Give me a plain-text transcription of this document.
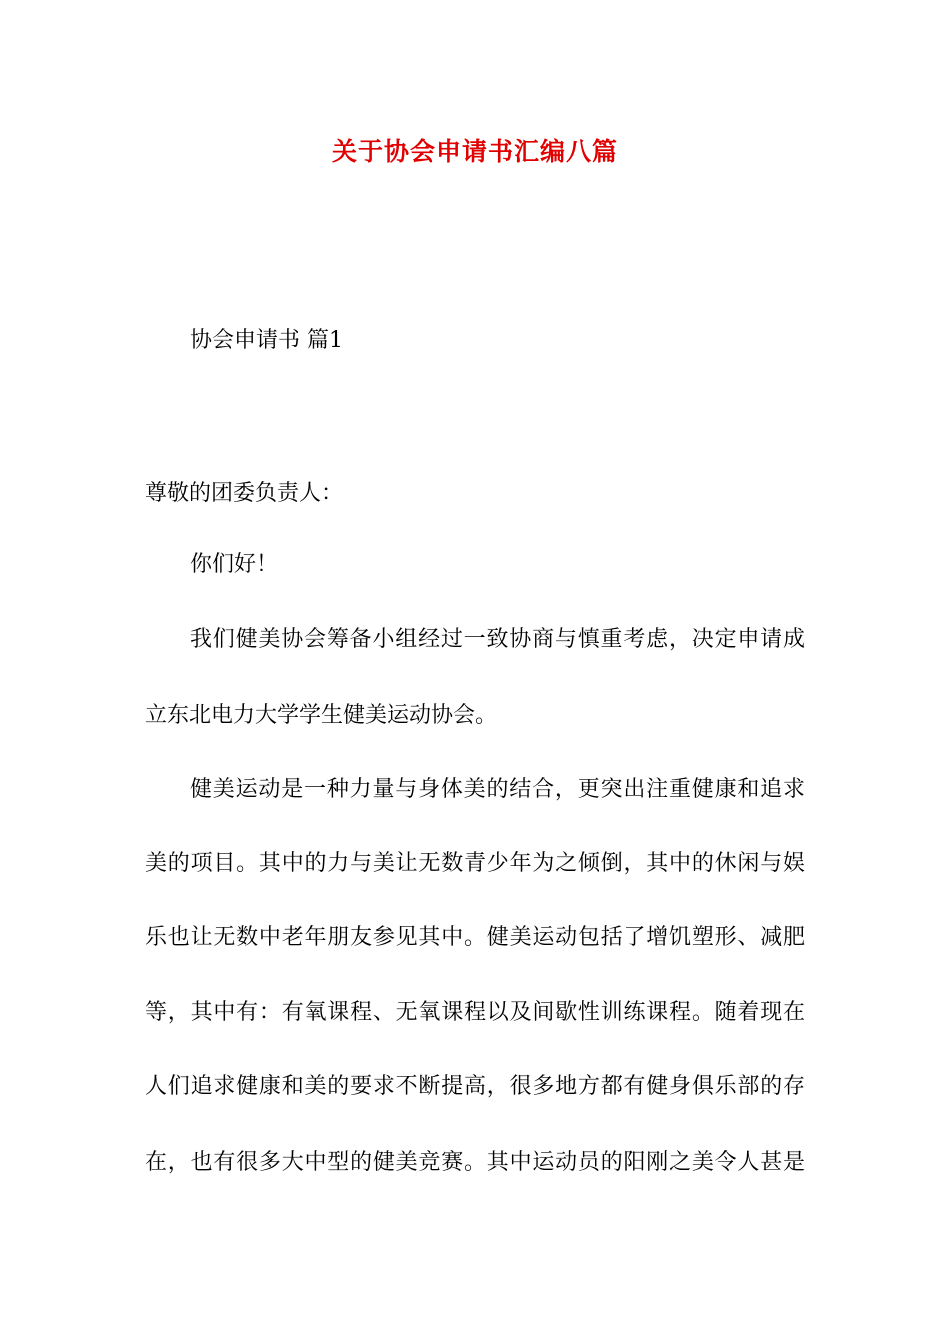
关于协会申请书汇编八篇
协会申请书 篇1
尊敬的团委负责人：
你们好！
我们健美协会筹备小组经过一致协商与慎重考虑，决定申请成
立东北电力大学学生健美运动协会。
健美运动是一种力量与身体美的结合，更突出注重健康和追求
美的项目。其中的力与美让无数青少年为之倾倒，其中的休闲与娱
乐也让无数中老年朋友参见其中。健美运动包括了增饥塑形、减肥
等，其中有：有氧课程、无氧课程以及间歇性训练课程。随着现在
人们追求健康和美的要求不断提高，很多地方都有健身俱乐部的存
在，也有很多大中型的健美竞赛。其中运动员的阳刚之美令人甚是
